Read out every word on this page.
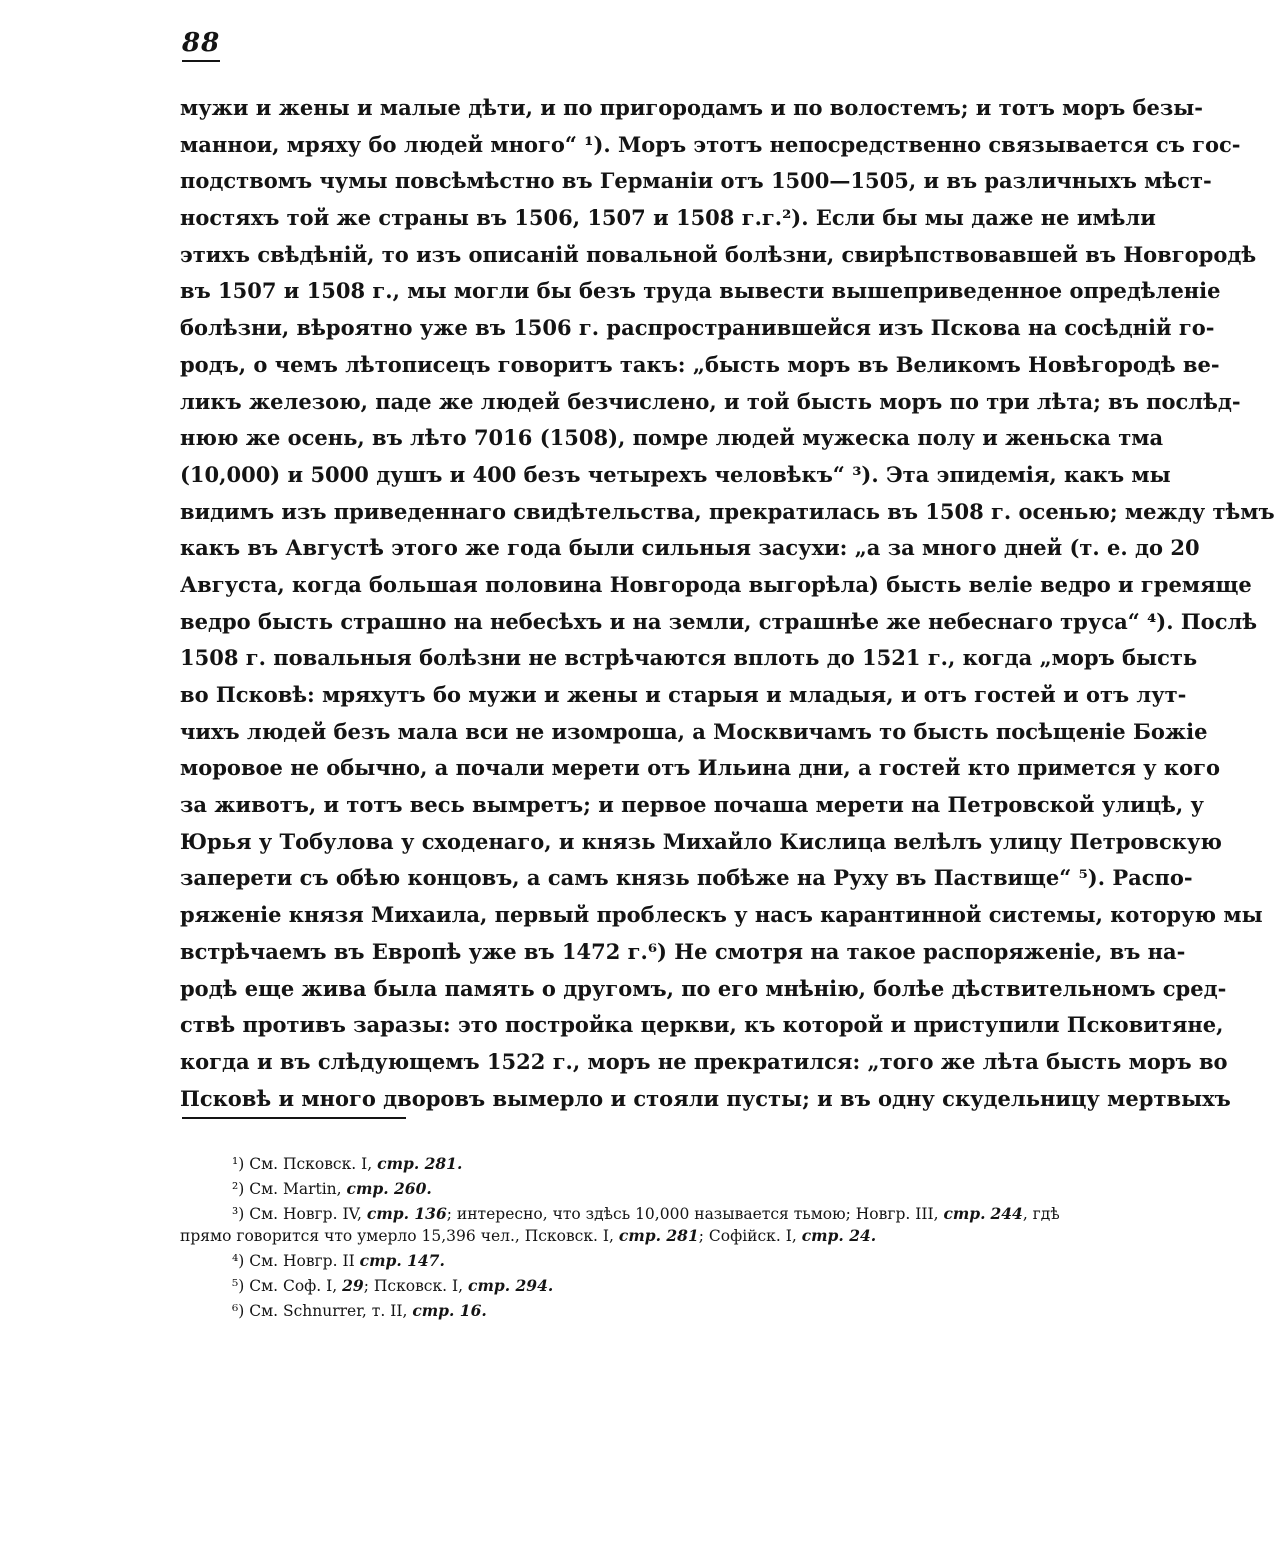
88
мужи и жены и малые дѣти, и по пригородамъ и по волостемъ; и тотъ моръ безы-
маннои, мряху бо людей много“ ¹). Моръ этотъ непосредственно связывается съ гос-
подствомъ чумы повсѣмѣстно въ Германіи отъ 1500—1505, и въ различныхъ мѣст-
ностяхъ той же страны въ 1506, 1507 и 1508 г.г.²). Если бы мы даже не имѣли
этихъ свѣдѣній, то изъ описаній повальной болѣзни, свирѣпствовавшей въ Новгородѣ
въ 1507 и 1508 г., мы могли бы безъ труда вывести вышеприведенное опредѣленіе
болѣзни, вѣроятно уже въ 1506 г. распространившейся изъ Пскова на сосѣдній го-
родъ, о чемъ лѣтописецъ говоритъ такъ: „бысть моръ въ Великомъ Новѣгородѣ ве-
ликъ железою, паде же людей безчислено, и той бысть моръ по три лѣта; въ послѣд-
нюю же осень, въ лѣто 7016 (1508), помре людей мужеска полу и женьска тма
(10,000) и 5000 душъ и 400 безъ четырехъ человѣкъ“ ³). Эта эпидемія, какъ мы
видимъ изъ приведеннаго свидѣтельства, прекратилась въ 1508 г. осенью; между тѣмъ
какъ въ Августѣ этого же года были сильныя засухи: „а за много дней (т. е. до 20
Августа, когда большая половина Новгорода выгорѣла) бысть веліе ведро и гремяще
ведро бысть страшно на небесѣхъ и на земли, страшнѣе же небеснаго труса“ ⁴). Послѣ
1508 г. повальныя болѣзни не встрѣчаются вплоть до 1521 г., когда „моръ бысть
во Псковѣ: мряхутъ бо мужи и жены и старыя и младыя, и отъ гостей и отъ лут-
чихъ людей безъ мала вси не изомроша, а Москвичамъ то бысть посѣщеніе Божіе
моровое не обычно, а почали мерети отъ Ильина дни, а гостей кто примется у кого
за животъ, и тотъ весь вымретъ; и первое почаша мерети на Петровской улицѣ, у
Юрья у Тобулова у сходенаго, и князь Михайло Кислица велѣлъ улицу Петровскую
заперети съ обѣю концовъ, а самъ князь побѣже на Руху въ Паствище“ ⁵). Распо-
ряженіе князя Михаила, первый проблескъ у насъ карантинной системы, которую мы
встрѣчаемъ въ Европѣ уже въ 1472 г.⁶) Не смотря на такое распоряженіе, въ на-
родѣ еще жива была память о другомъ, по его мнѣнію, болѣе дѣствительномъ сред-
ствѣ противъ заразы: это постройка церкви, къ которой и приступили Псковитяне,
когда и въ слѣдующемъ 1522 г., моръ не прекратился: „того же лѣта бысть моръ во
Псковѣ и много дворовъ вымерло и стояли пусты; и въ одну скудельницу мертвыхъ
¹) См. Псковск. I, стр. 281.
²) См. Martin, стр. 260.
³) См. Новгр. IV, стр. 136; интересно, что здѣсь 10,000 называется тьмою; Новгр. III, стр. 244, гдѣ прямо говорится что умерло 15,396 чел., Псковск. I, стр. 281; Софійск. I, стр. 24.
⁴) См. Новгр. II стр. 147.
⁵) См. Соф. I, 29; Псковск. I, стр. 294.
⁶) См. Schnurrer, т. II, стр. 16.
